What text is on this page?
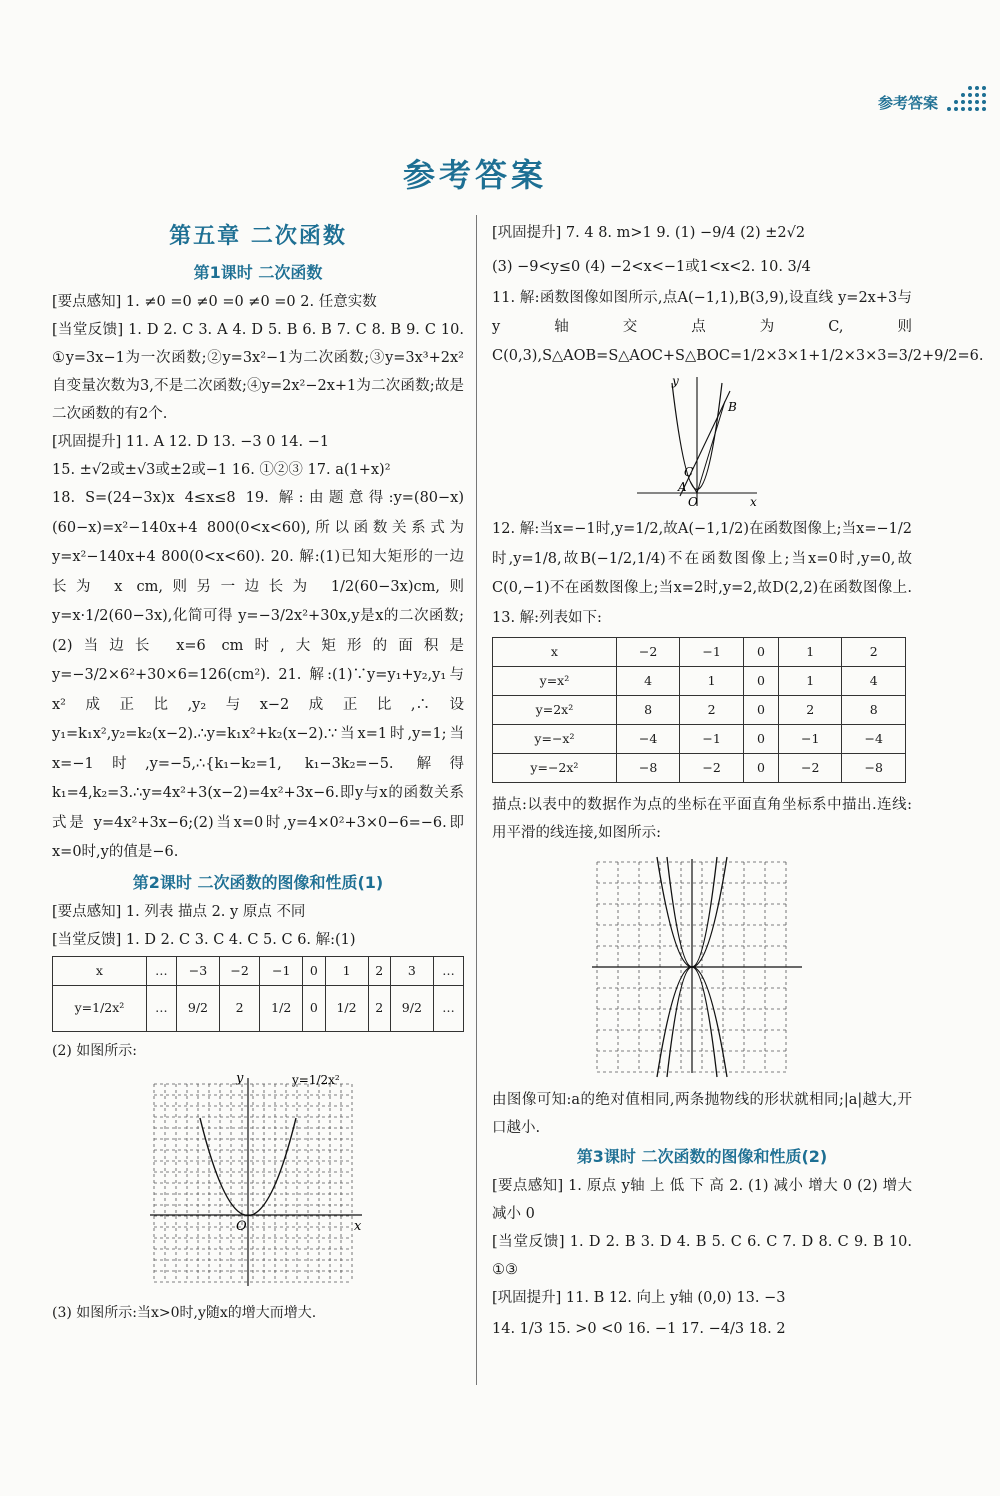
参考答案
参考答案
第五章 二次函数
第1课时 二次函数

[要点感知] 1. ≠0 =0 ≠0 =0 ≠0 =0 2. 任意实数

[当堂反馈] 1. D 2. C 3. A 4. D 5. B 6. B 7. C 8. B 9. C 10. ①y=3x−1为一次函数;②y=3x²−1为二次函数;③y=3x³+2x² 自变量次数为3,不是二次函数;④y=2x²−2x+1为二次函数;故是二次函数的有2个.

[巩固提升] 11. A 12. D 13. −3 0 14. −1

15. ±√2或±√3或±2或−1 16. ①②③ 17. a(1+x)²

18. S=(24−3x)x 4≤x≤8 19. 解:由题意得:y=(80−x)(60−x)=x²−140x+4 800(0<x<60),所以函数关系式为 y=x²−140x+4 800(0<x<60). 20. 解:(1)已知大矩形的一边长为 x cm,则另一边长为 1/2(60−3x)cm,则 y=x·1/2(60−3x),化简可得 y=−3/2x²+30x,y是x的二次函数;(2)当边长 x=6 cm时,大矩形的面积是 y=−3/2×6²+30×6=126(cm²). 21. 解:(1)∵y=y₁+y₂,y₁与x²成正比,y₂与x−2成正比,∴设 y₁=k₁x²,y₂=k₂(x−2).∴y=k₁x²+k₂(x−2).∵当x=1时,y=1;当x=−1时,y=−5,∴{k₁−k₂=1, k₁−3k₂=−5. 解得 k₁=4,k₂=3.∴y=4x²+3(x−2)=4x²+3x−6.即y与x的函数关系式是 y=4x²+3x−6;(2)当x=0时,y=4×0²+3×0−6=−6.即x=0时,y的值是−6.

第2课时 二次函数的图像和性质(1)

[要点感知] 1. 列表 描点 2. y 原点 不同

[当堂反馈] 1. D 2. C 3. C 4. C 5. C 6. 解:(1)

x	…	−3	−2	−1	0	1	2	3	…
y=1/2x²	…	9/2	2	1/2	0	1/2	2	9/2	…
(2) 如图所示:
x
y
O
y=1/2x²
(3) 如图所示:当x>0时,y随x的增大而增大.

[巩固提升] 7. 4 8. m>1 9. (1) −9/4 (2) ±2√2

(3) −9<y≤0 (4) −2<x<−1或1<x<2. 10. 3/4

11. 解:函数图像如图所示,点A(−1,1),B(3,9),设直线 y=2x+3与y轴交点为C,则 C(0,3),S△AOB=S△AOC+S△BOC=1/2×3×1+1/2×3×3=3/2+9/2=6.

y
x
B
C
A
O

12. 解:当x=−1时,y=1/2,故A(−1,1/2)在函数图像上;当x=−1/2时,y=1/8,故B(−1/2,1/4)不在函数图像上;当x=0时,y=0,故C(0,−1)不在函数图像上;当x=2时,y=2,故D(2,2)在函数图像上. 13. 解:列表如下:

x	−2	−1	0	1	2
y=x²	4	1	0	1	4
y=2x²	8	2	0	2	8
y=−x²	−4	−1	0	−1	−4
y=−2x²	−8	−2	0	−2	−8

描点:以表中的数据作为点的坐标在平面直角坐标系中描出.连线:用平滑的线连接,如图所示:

由图像可知:a的绝对值相同,两条抛物线的形状就相同;|a|越大,开口越小.

第3课时 二次函数的图像和性质(2)

[要点感知] 1. 原点 y轴 上 低 下 高 2. (1) 减小 增大 0 (2) 增大 减小 0

[当堂反馈] 1. D 2. B 3. D 4. B 5. C 6. C 7. D 8. C 9. B 10. ①③

[巩固提升] 11. B 12. 向上 y轴 (0,0) 13. −3

14. 1/3 15. >0 <0 16. −1 17. −4/3 18. 2
